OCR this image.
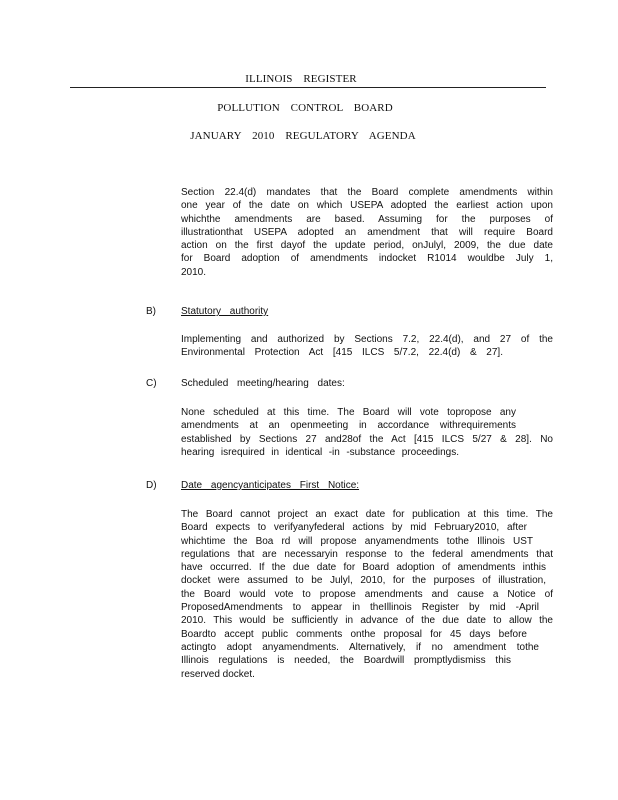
ILLINOIS REGISTER
POLLUTION CONTROL BOARD
JANUARY 2010 REGULATORY AGENDA
Section 22.4(d) mandates that the Board complete amendments within
one year of the date on which USEPA adopted the earliest action upon
whichthe amendments are based. Assuming for the purposes of
illustrationthat USEPA adopted an amendment that will require Board
action on the first dayof the update period, onJulyl, 2009, the due date
for Board adoption of amendments indocket R1014 wouldbe July 1,
2010.
B)	Statutory authority
Implementing and authorized by Sections 7.2, 22.4(d), and 27 of the
Environmental Protection Act [415 ILCS 5/7.2, 22.4(d) & 27].
C) Scheduled meeting/hearing dates:
None scheduled at this time. The Board will vote topropose any
amendments at an openmeeting in accordance withrequirements
established by Sections 27 and28of the Act [415 ILCS 5/27 & 28]. No
hearing isrequired in identical -in -substance proceedings.
D) Date agencyanticipates First Notice:
The Board cannot project an exact date for publication at this time. The
Board expects to verifyanyfederal actions by mid February2010, after
whichtime the Boa rd will propose anyamendments tothe Illinois UST
regulations that are necessaryin response to the federal amendments that
have occurred. If the due date for Board adoption of amendments inthis
docket were assumed to be Julyl, 2010, for the purposes of illustration,
the Board would vote to propose amendments and cause a Notice of
ProposedAmendments to appear in theIllinois Register by mid -April
2010. This would be sufficiently in advance of the due date to allow the
Boardto accept public comments onthe proposal for 45 days before
actingto adopt anyamendments. Alternatively, if no amendment tothe
Illinois regulations is needed, the Boardwill promptlydismiss this
reserved docket.
